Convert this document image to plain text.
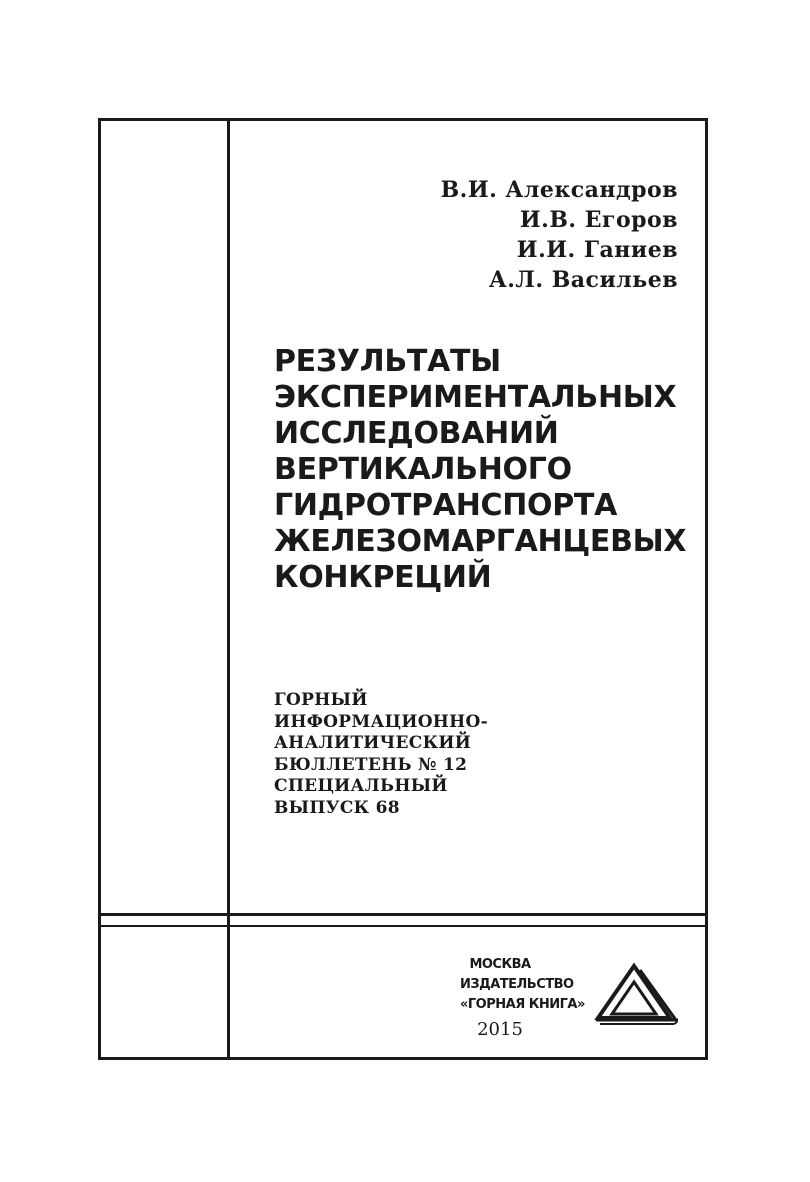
В.И. Александров
И.В. Егоров
И.И. Ганиев
А.Л. Васильев
РЕЗУЛЬТАТЫ
ЭКСПЕРИМЕНТАЛЬНЫХ
ИССЛЕДОВАНИЙ
ВЕРТИКАЛЬНОГО
ГИДРОТРАНСПОРТА
ЖЕЛЕЗОМАРГАНЦЕВЫХ
КОНКРЕЦИЙ
ГОРНЫЙ
ИНФОРМАЦИОННО-
АНАЛИТИЧЕСКИЙ
БЮЛЛЕТЕНЬ № 12
СПЕЦИАЛЬНЫЙ
ВЫПУСК 68
МОСКВА
ИЗДАТЕЛЬСТВО
«ГОРНАЯ КНИГА»
2015
